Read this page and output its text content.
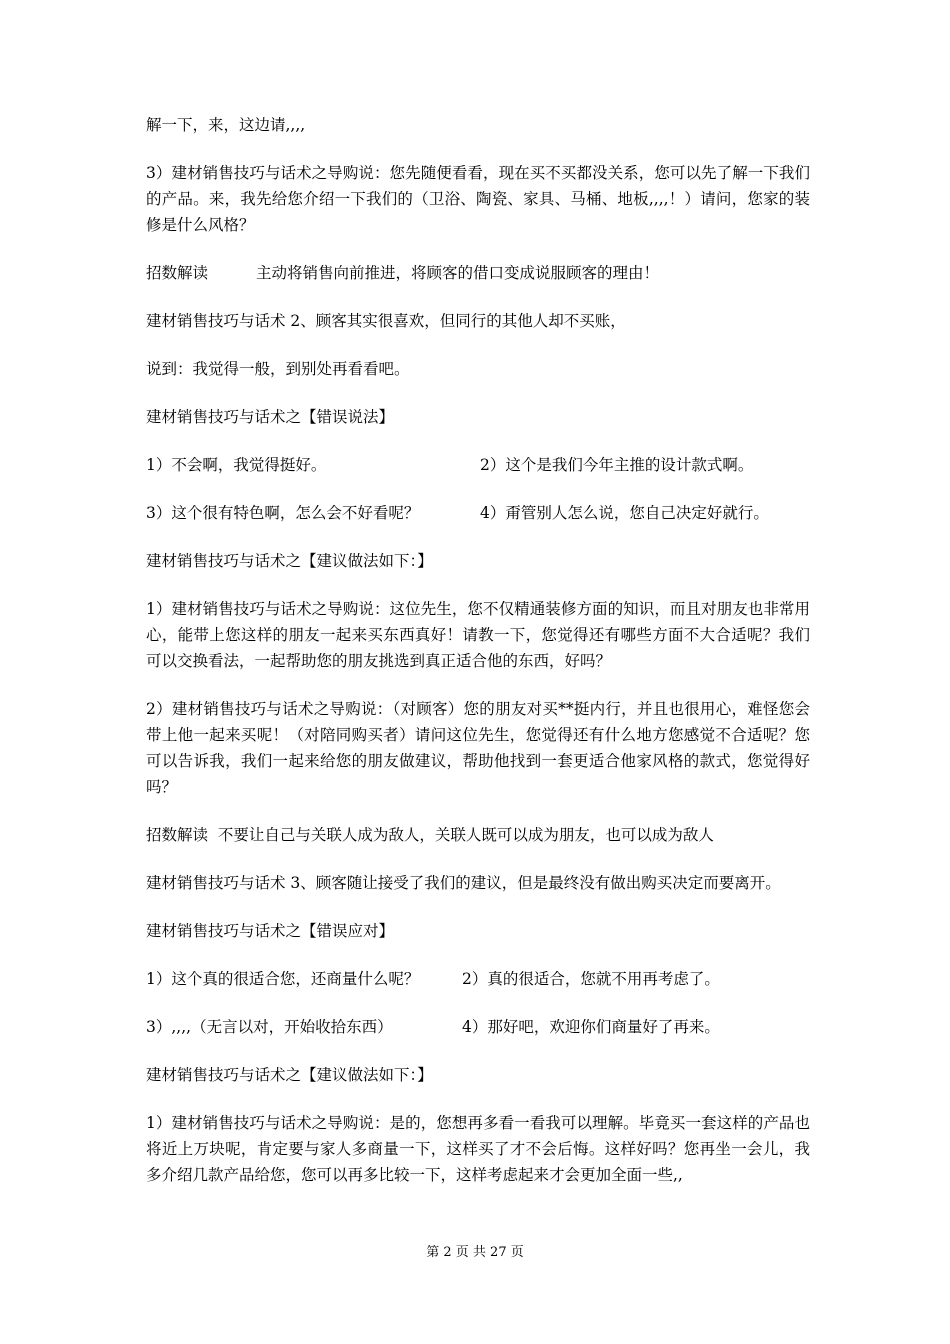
解一下，来，这边请,,,,

3）建材销售技巧与话术之导购说：您先随便看看，现在买不买都没关系，您可以先了解一下我们的产品。来，我先给您介绍一下我们的（卫浴、陶瓷、家具、马桶、地板,,,,！）请问，您家的装修是什么风格？

招数解读	主动将销售向前推进，将顾客的借口变成说服顾客的理由！

建材销售技巧与话术 2、顾客其实很喜欢，但同行的其他人却不买账，

说到：我觉得一般，到别处再看看吧。

建材销售技巧与话术之【错误说法】

1）不会啊，我觉得挺好。	2）这个是我们今年主推的设计款式啊。
3）这个很有特色啊，怎么会不好看呢？	4）甭管别人怎么说，您自己决定好就行。

建材销售技巧与话术之【建议做法如下：】

1）建材销售技巧与话术之导购说：这位先生，您不仅精通装修方面的知识，而且对朋友也非常用心，能带上您这样的朋友一起来买东西真好！请教一下，您觉得还有哪些方面不大合适呢？我们可以交换看法，一起帮助您的朋友挑选到真正适合他的东西，好吗？

2）建材销售技巧与话术之导购说：（对顾客）您的朋友对买**挺内行，并且也很用心，难怪您会带上他一起来买呢！（对陪同购买者）请问这位先生，您觉得还有什么地方您感觉不合适呢？您可以告诉我，我们一起来给您的朋友做建议，帮助他找到一套更适合他家风格的款式，您觉得好吗？

招数解读 不要让自己与关联人成为敌人，关联人既可以成为朋友，也可以成为敌人

建材销售技巧与话术 3、顾客随让接受了我们的建议，但是最终没有做出购买决定而要离开。

建材销售技巧与话术之【错误应对】

1）这个真的很适合您，还商量什么呢？	2）真的很适合，您就不用再考虑了。
3）,,,,（无言以对，开始收拾东西）	4）那好吧，欢迎你们商量好了再来。

建材销售技巧与话术之【建议做法如下：】

1）建材销售技巧与话术之导购说：是的，您想再多看一看我可以理解。毕竟买一套这样的产品也将近上万块呢，肯定要与家人多商量一下，这样买了才不会后悔。这样好吗？您再坐一会儿，我多介绍几款产品给您，您可以再多比较一下，这样考虑起来才会更加全面一些,,

第 2 页 共 27 页
